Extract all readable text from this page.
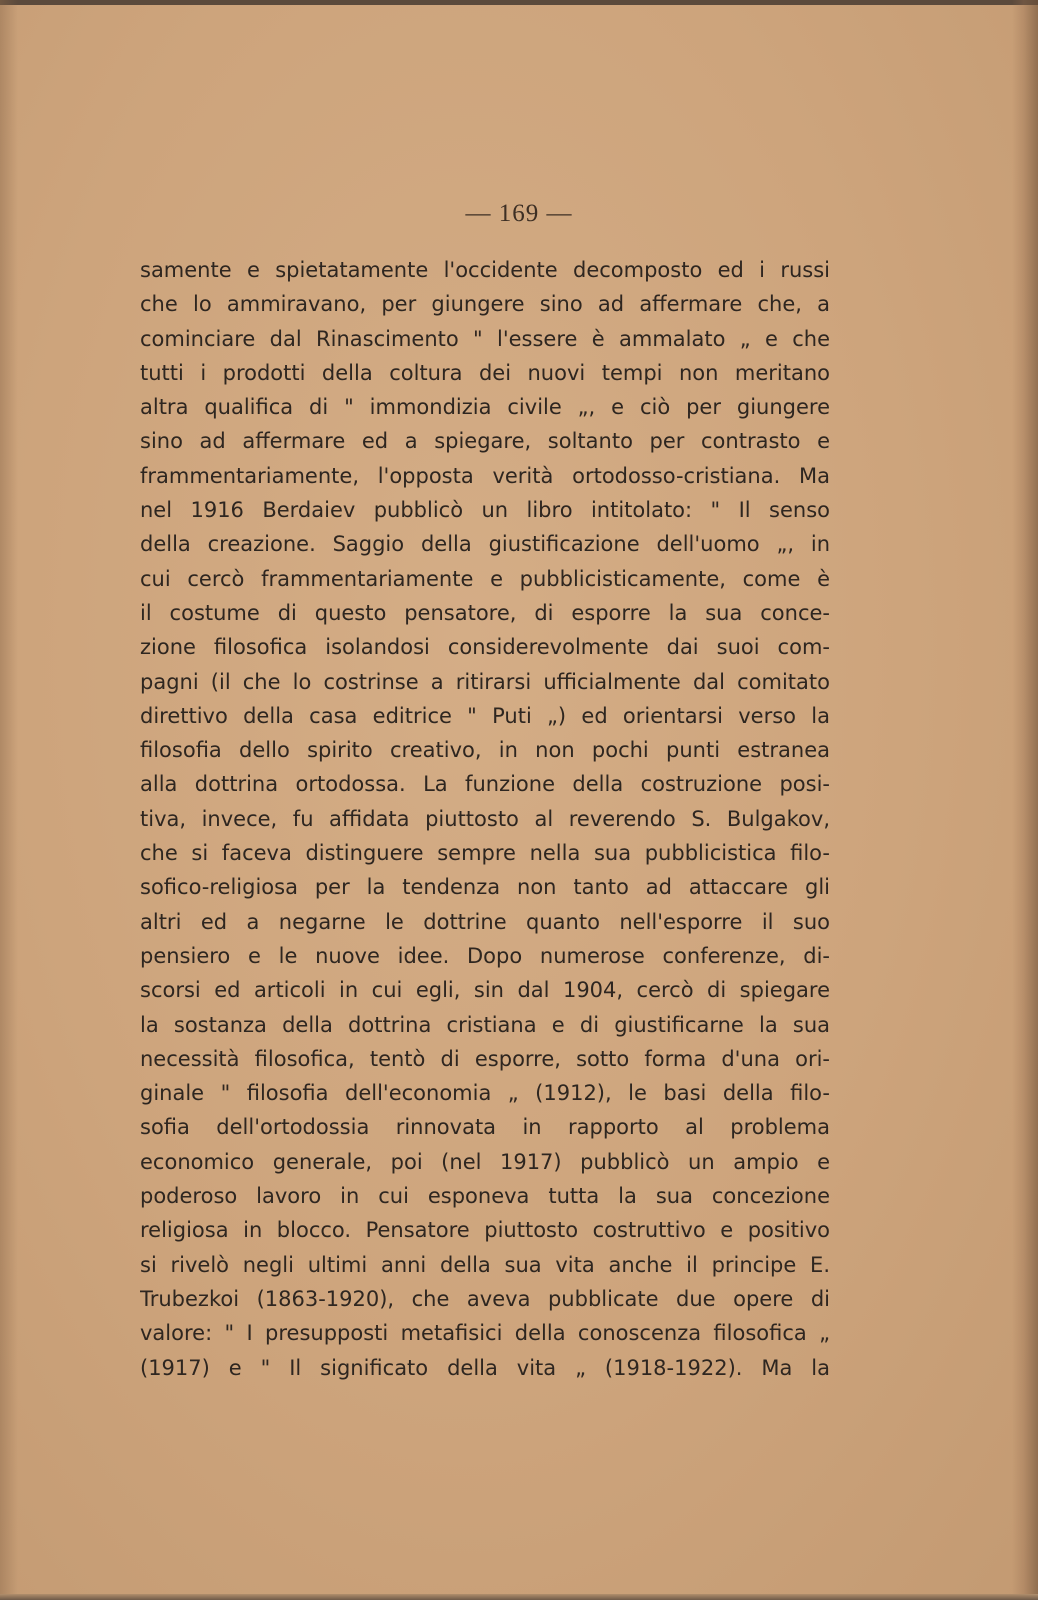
— 169 —
samente e spietatamente l'occidente decomposto ed i russi
che lo ammiravano, per giungere sino ad affermare che, a
cominciare dal Rinascimento " l'essere è ammalato „ e che
tutti i prodotti della coltura dei nuovi tempi non meritano
altra qualifica di " immondizia civile „, e ciò per giungere
sino ad affermare ed a spiegare, soltanto per contrasto e
frammentariamente, l'opposta verità ortodosso-cristiana. Ma
nel 1916 Berdaiev pubblicò un libro intitolato: " Il senso
della creazione. Saggio della giustificazione dell'uomo „, in
cui cercò frammentariamente e pubblicisticamente, come è
il costume di questo pensatore, di esporre la sua conce-
zione filosofica isolandosi considerevolmente dai suoi com-
pagni (il che lo costrinse a ritirarsi ufficialmente dal comitato
direttivo della casa editrice " Puti „) ed orientarsi verso la
filosofia dello spirito creativo, in non pochi punti estranea
alla dottrina ortodossa. La funzione della costruzione posi-
tiva, invece, fu affidata piuttosto al reverendo S. Bulgakov,
che si faceva distinguere sempre nella sua pubblicistica filo-
sofico-religiosa per la tendenza non tanto ad attaccare gli
altri ed a negarne le dottrine quanto nell'esporre il suo
pensiero e le nuove idee. Dopo numerose conferenze, di-
scorsi ed articoli in cui egli, sin dal 1904, cercò di spiegare
la sostanza della dottrina cristiana e di giustificarne la sua
necessità filosofica, tentò di esporre, sotto forma d'una ori-
ginale " filosofia dell'economia „ (1912), le basi della filo-
sofia dell'ortodossia rinnovata in rapporto al problema
economico generale, poi (nel 1917) pubblicò un ampio e
poderoso lavoro in cui esponeva tutta la sua concezione
religiosa in blocco. Pensatore piuttosto costruttivo e positivo
si rivelò negli ultimi anni della sua vita anche il principe E.
Trubezkoi (1863-1920), che aveva pubblicate due opere di
valore: " I presupposti metafisici della conoscenza filosofica „
(1917) e " Il significato della vita „ (1918-1922). Ma la
